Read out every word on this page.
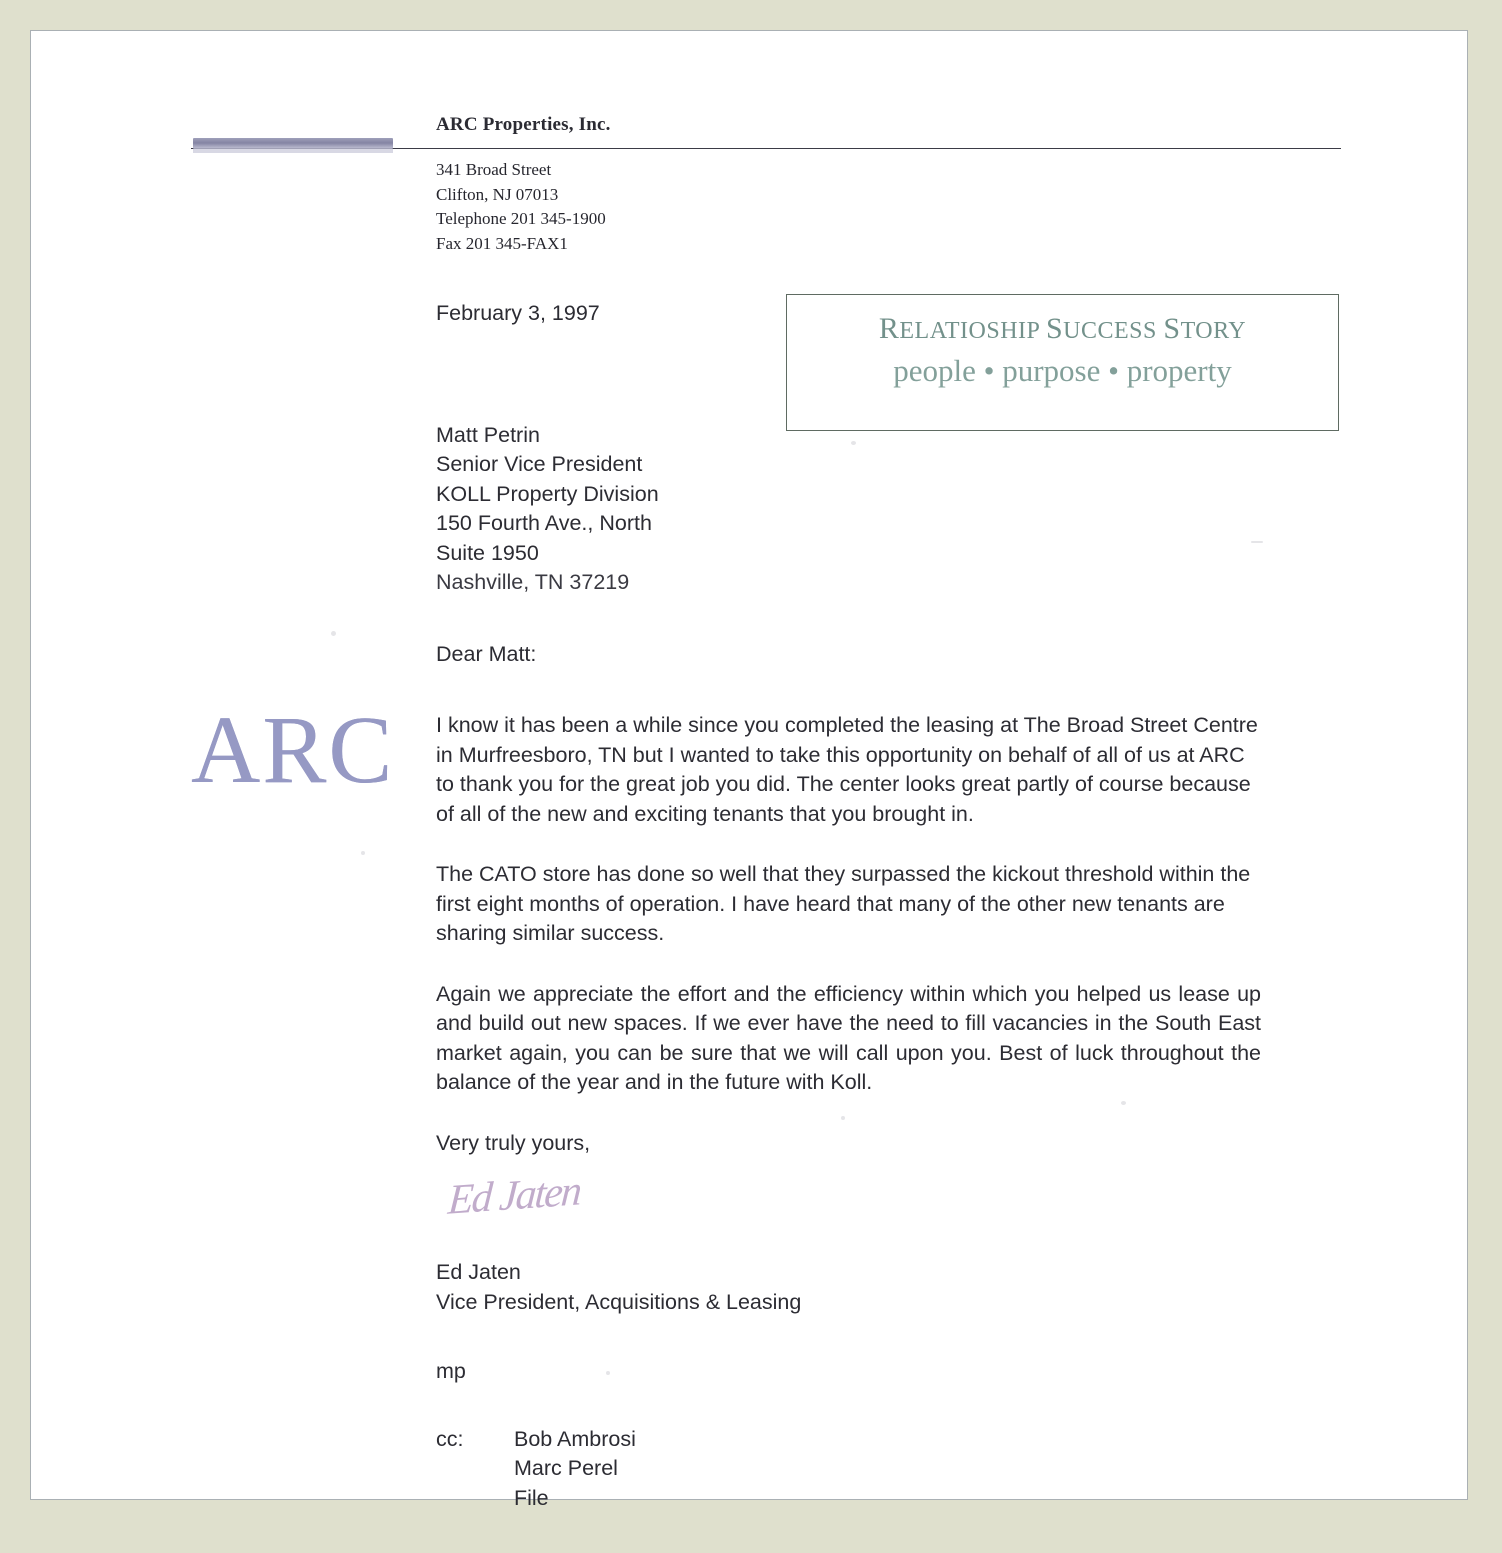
ARC Properties, Inc.
341 Broad Street
Clifton, NJ 07013
Telephone 201 345-1900
Fax 201 345-FAX1
RELATIOSHIP SUCCESS STORY
people • purpose • property
ARC

February 3, 1997

Matt Petrin
Senior Vice President
KOLL Property Division
150 Fourth Ave., North
Suite 1950
Nashville, TN 37219

Dear Matt:

I know it has been a while since you completed the leasing at The Broad Street Centre in Murfreesboro, TN but I wanted to take this opportunity on behalf of all of us at ARC to thank you for the great job you did. The center looks great partly of course because of all of the new and exciting tenants that you brought in.

The CATO store has done so well that they surpassed the kickout threshold within the first eight months of operation. I have heard that many of the other new tenants are sharing similar success.

Again we appreciate the effort and the efficiency within which you helped us lease up and build out new spaces. If we ever have the need to fill vacancies in the South East market again, you can be sure that we will call upon you. Best of luck throughout the balance of the year and in the future with Koll.

Very truly yours,

Ed Jaten
Ed Jaten
Vice President, Acquisitions & Leasing

mp

cc:	Bob Ambrosi
Marc Perel
File
